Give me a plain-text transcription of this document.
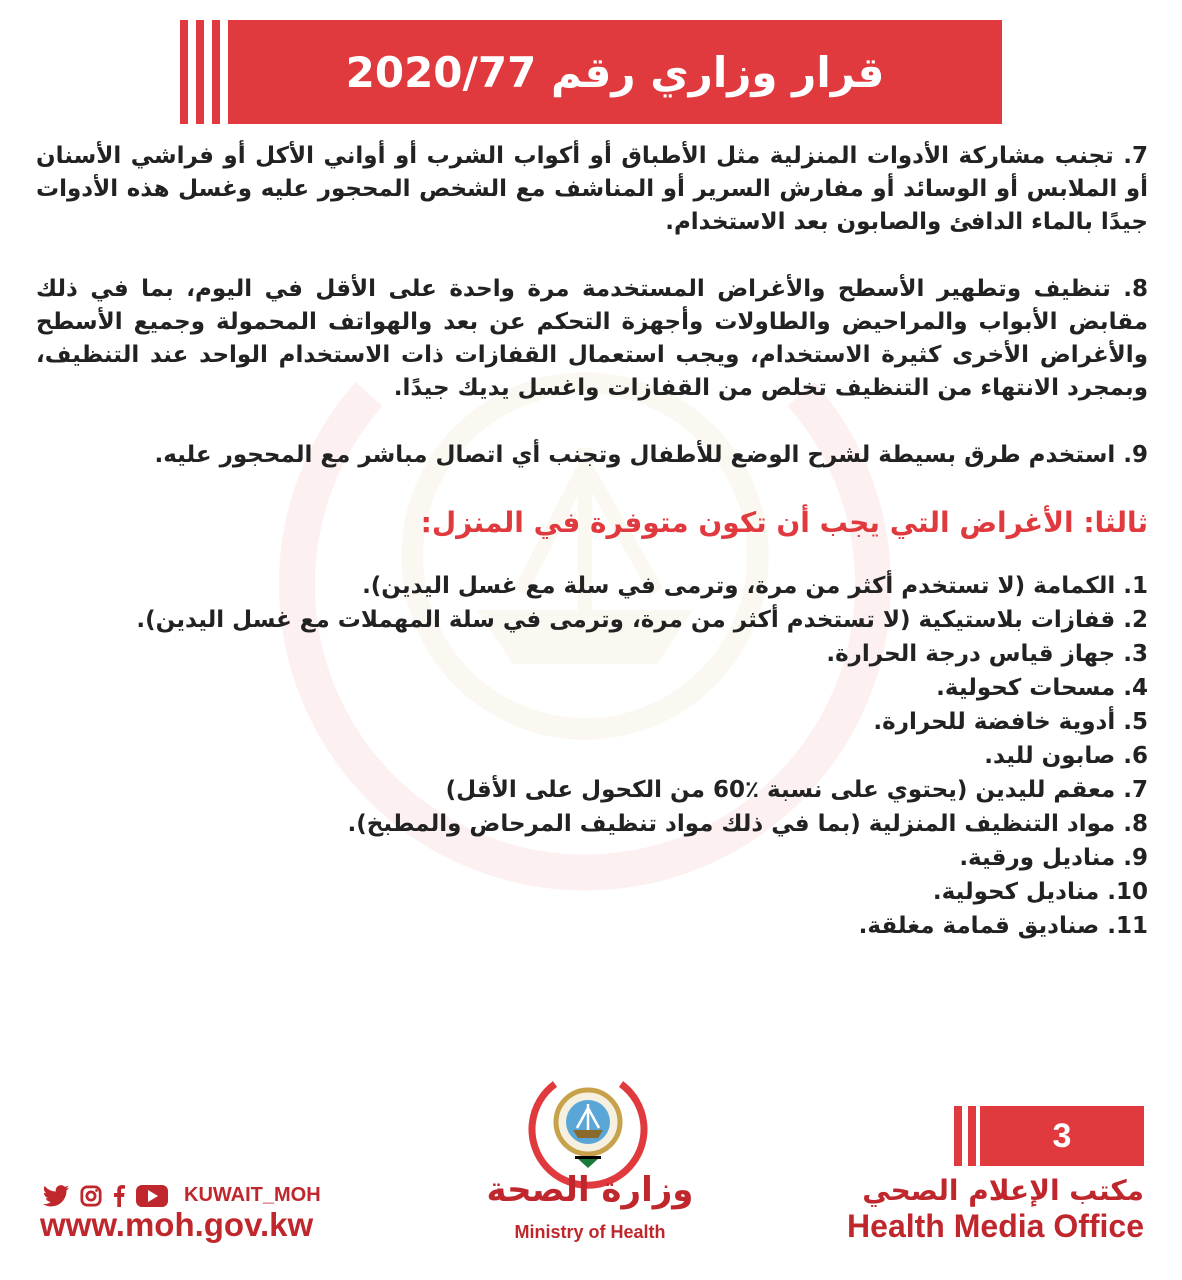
قرار وزاري رقم 2020/77

7. تجنب مشاركة الأدوات المنزلية مثل الأطباق أو أكواب الشرب أو أواني الأكل أو فراشي الأسنان أو الملابس أو الوسائد أو مفارش السرير أو المناشف مع الشخص المحجور عليه وغسل هذه الأدوات جيدًا بالماء الدافئ والصابون بعد الاستخدام.

8. تنظيف وتطهير الأسطح والأغراض المستخدمة مرة واحدة على الأقل في اليوم، بما في ذلك مقابض الأبواب والمراحيض والطاولات وأجهزة التحكم عن بعد والهواتف المحمولة وجميع الأسطح والأغراض الأخرى كثيرة الاستخدام، ويجب استعمال القفازات ذات الاستخدام الواحد عند التنظيف، وبمجرد الانتهاء من التنظيف تخلص من القفازات واغسل يديك جيدًا.

9. استخدم طرق بسيطة لشرح الوضع للأطفال وتجنب أي اتصال مباشر مع المحجور عليه.

ثالثا: الأغراض التي يجب أن تكون متوفرة في المنزل:
1. الكمامة (لا تستخدم أكثر من مرة، وترمى في سلة مع غسل اليدين).
2. قفازات بلاستيكية (لا تستخدم أكثر من مرة، وترمى في سلة المهملات مع غسل اليدين).
3. جهاز قياس درجة الحرارة.
4. مسحات كحولية.
5. أدوية خافضة للحرارة.
6. صابون لليد.
7. معقم لليدين (يحتوي على نسبة ٪60 من الكحول على الأقل)
8. مواد التنظيف المنزلية (بما في ذلك مواد تنظيف المرحاض والمطبخ).
9. مناديل ورقية.
10. مناديل كحولية.
11. صناديق قمامة مغلقة.
KUWAIT_MOH
www.moh.gov.kw
وزارة الصحة
Ministry of Health
3
مكتب الإعلام الصحي
Health Media Office
